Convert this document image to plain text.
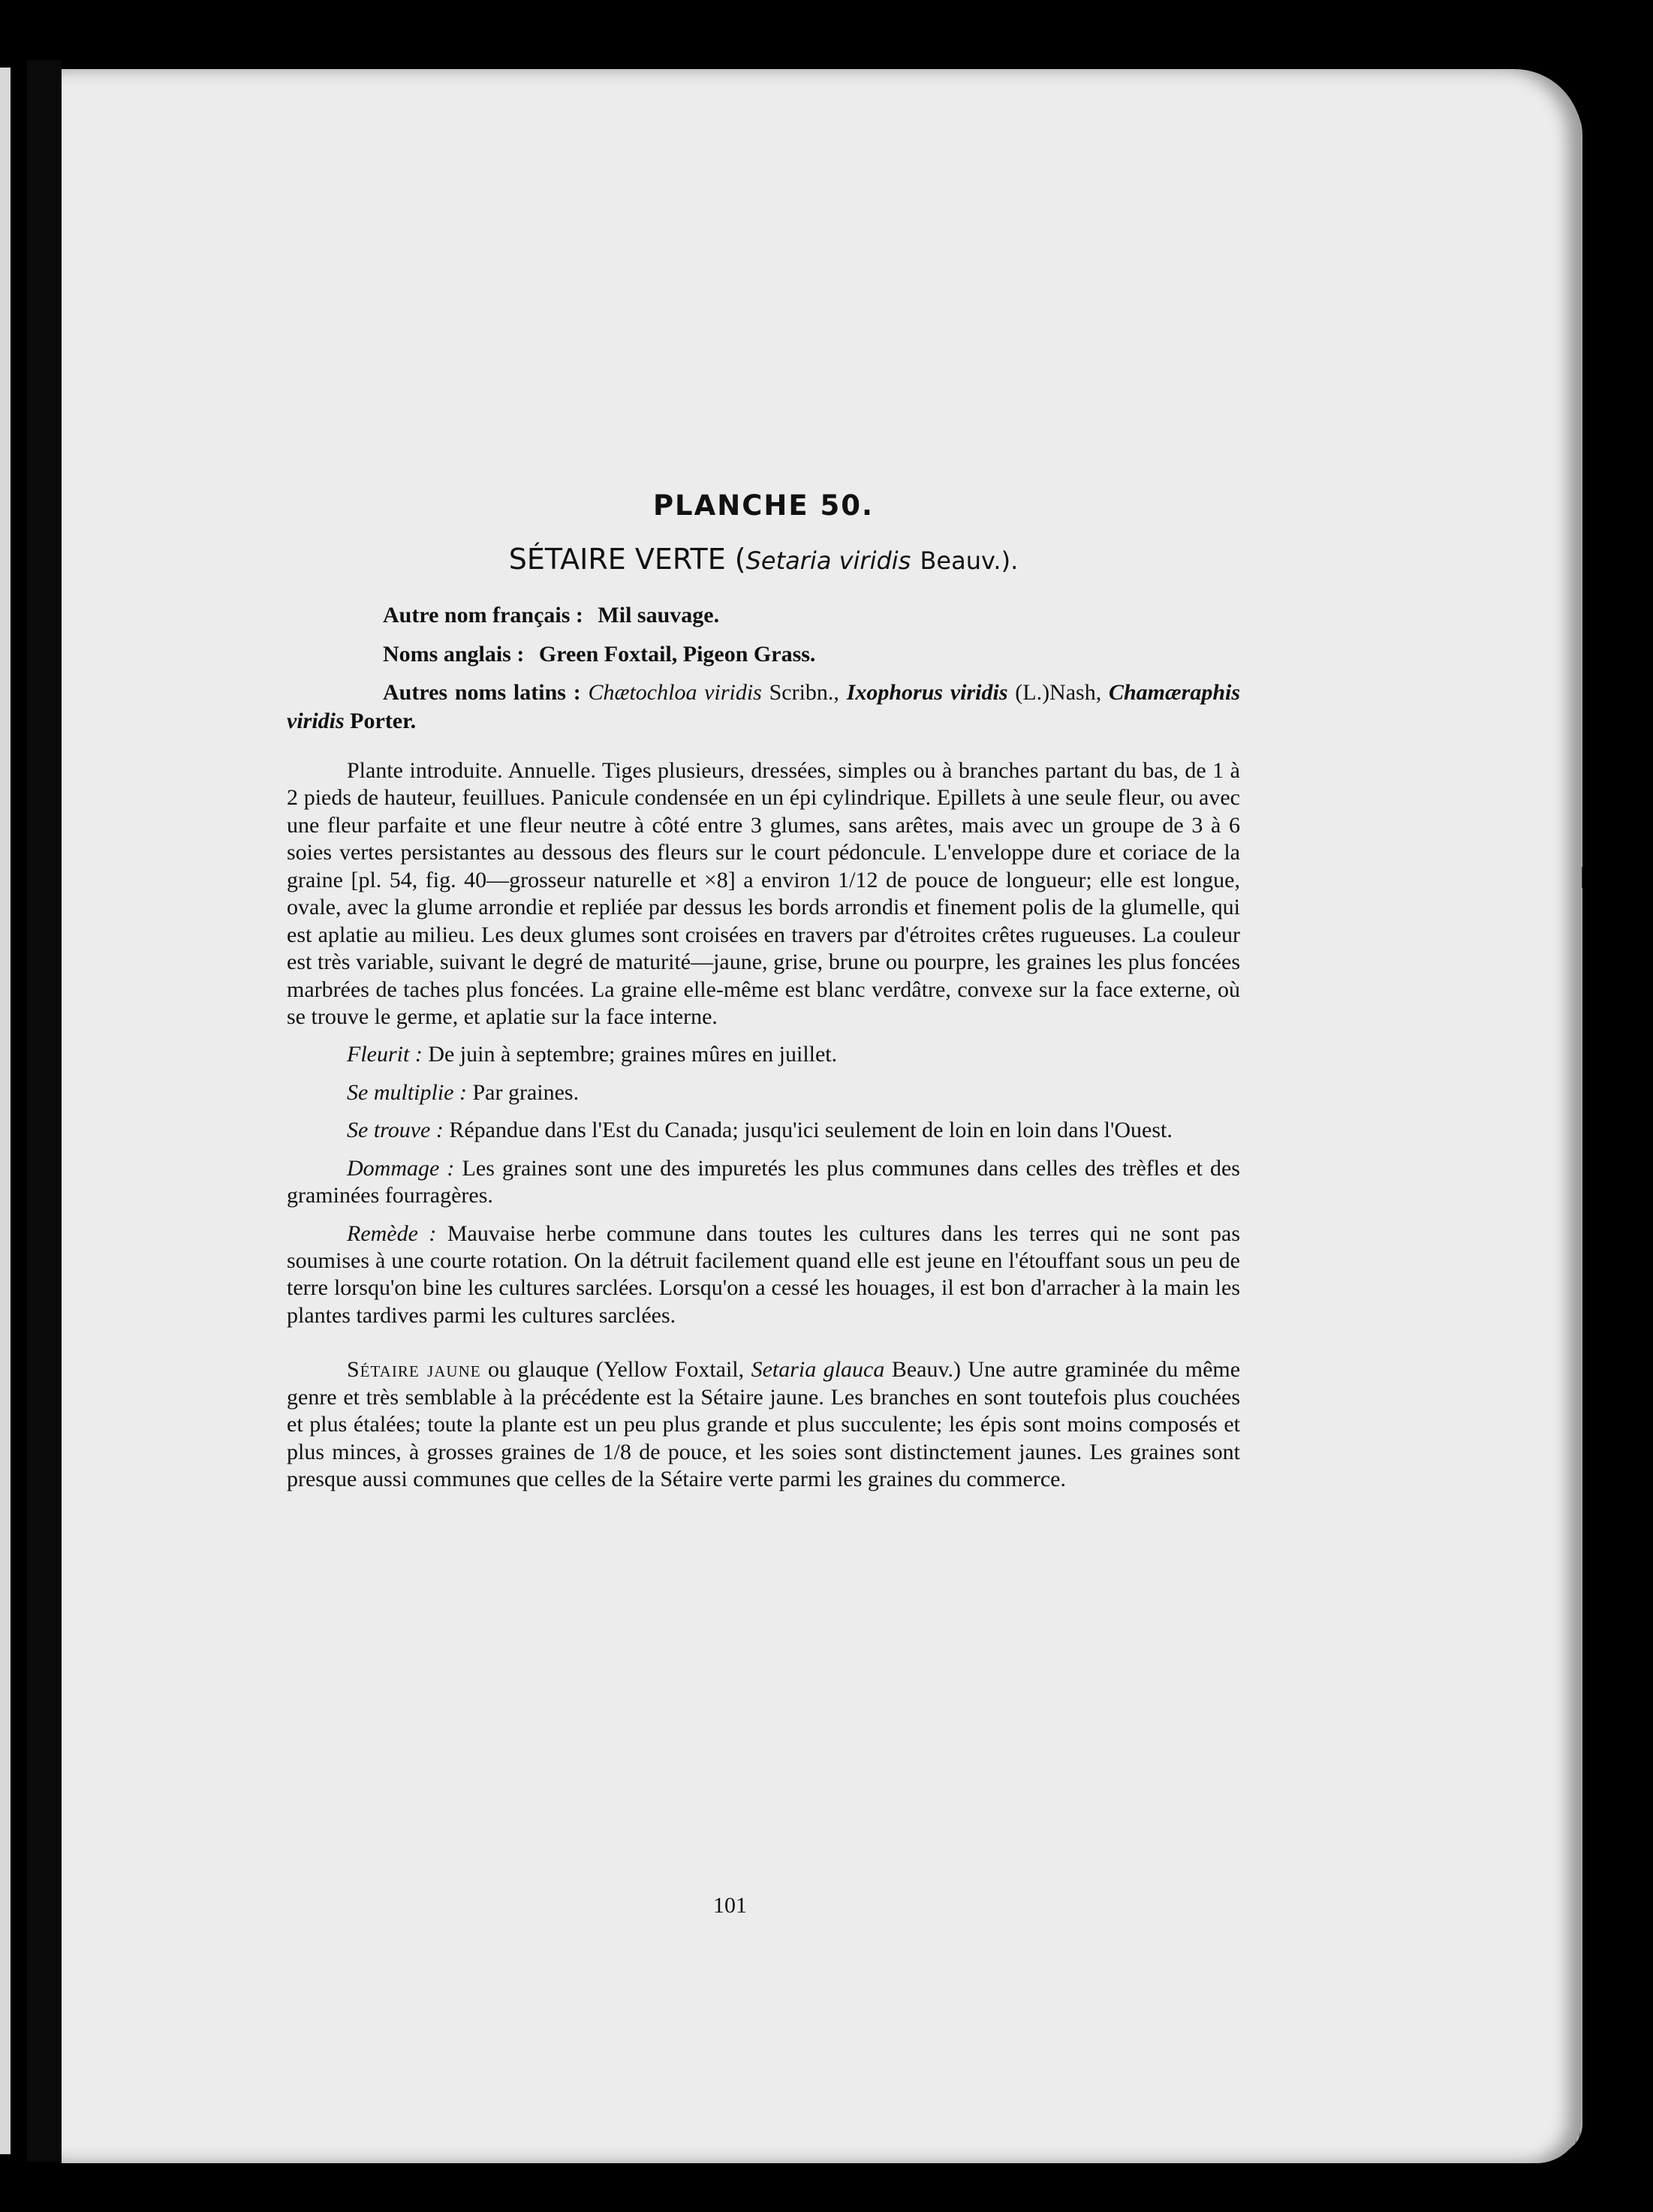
PLANCHE 50.
SÉTAIRE VERTE (Setaria viridis Beauv.).

Autre nom français : Mil sauvage.

Noms anglais : Green Foxtail, Pigeon Grass.

Autres noms latins : Chætochloa viridis Scribn., Ixophorus viridis (L.)Nash, Chamæraphis viridis Porter.

Plante introduite. Annuelle. Tiges plusieurs, dressées, simples ou à branches partant du bas, de 1 à 2 pieds de hauteur, feuillues. Panicule condensée en un épi cylindrique. Epillets à une seule fleur, ou avec une fleur parfaite et une fleur neutre à côté entre 3 glumes, sans arêtes, mais avec un groupe de 3 à 6 soies vertes persistantes au dessous des fleurs sur le court pédoncule. L'enveloppe dure et coriace de la graine [pl. 54, fig. 40—grosseur naturelle et ×8] a environ 1/12 de pouce de longueur; elle est longue, ovale, avec la glume arrondie et repliée par dessus les bords arrondis et finement polis de la glumelle, qui est aplatie au milieu. Les deux glumes sont croisées en travers par d'étroites crêtes rugueuses. La couleur est très variable, suivant le degré de maturité—jaune, grise, brune ou pourpre, les graines les plus foncées marbrées de taches plus foncées. La graine elle-même est blanc verdâtre, convexe sur la face externe, où se trouve le germe, et aplatie sur la face interne.

Fleurit : De juin à septembre; graines mûres en juillet.

Se multiplie : Par graines.

Se trouve : Répandue dans l'Est du Canada; jusqu'ici seulement de loin en loin dans l'Ouest.

Dommage : Les graines sont une des impuretés les plus communes dans celles des trèfles et des graminées fourragères.

Remède : Mauvaise herbe commune dans toutes les cultures dans les terres qui ne sont pas soumises à une courte rotation. On la détruit facilement quand elle est jeune en l'étouffant sous un peu de terre lorsqu'on bine les cultures sarclées. Lorsqu'on a cessé les houages, il est bon d'arracher à la main les plantes tardives parmi les cultures sarclées.

Sétaire jaune ou glauque (Yellow Foxtail, Setaria glauca Beauv.) Une autre graminée du même genre et très semblable à la précédente est la Sétaire jaune. Les branches en sont toutefois plus couchées et plus étalées; toute la plante est un peu plus grande et plus succulente; les épis sont moins composés et plus minces, à grosses graines de 1/8 de pouce, et les soies sont distinctement jaunes. Les graines sont presque aussi communes que celles de la Sétaire verte parmi les graines du commerce.

101
